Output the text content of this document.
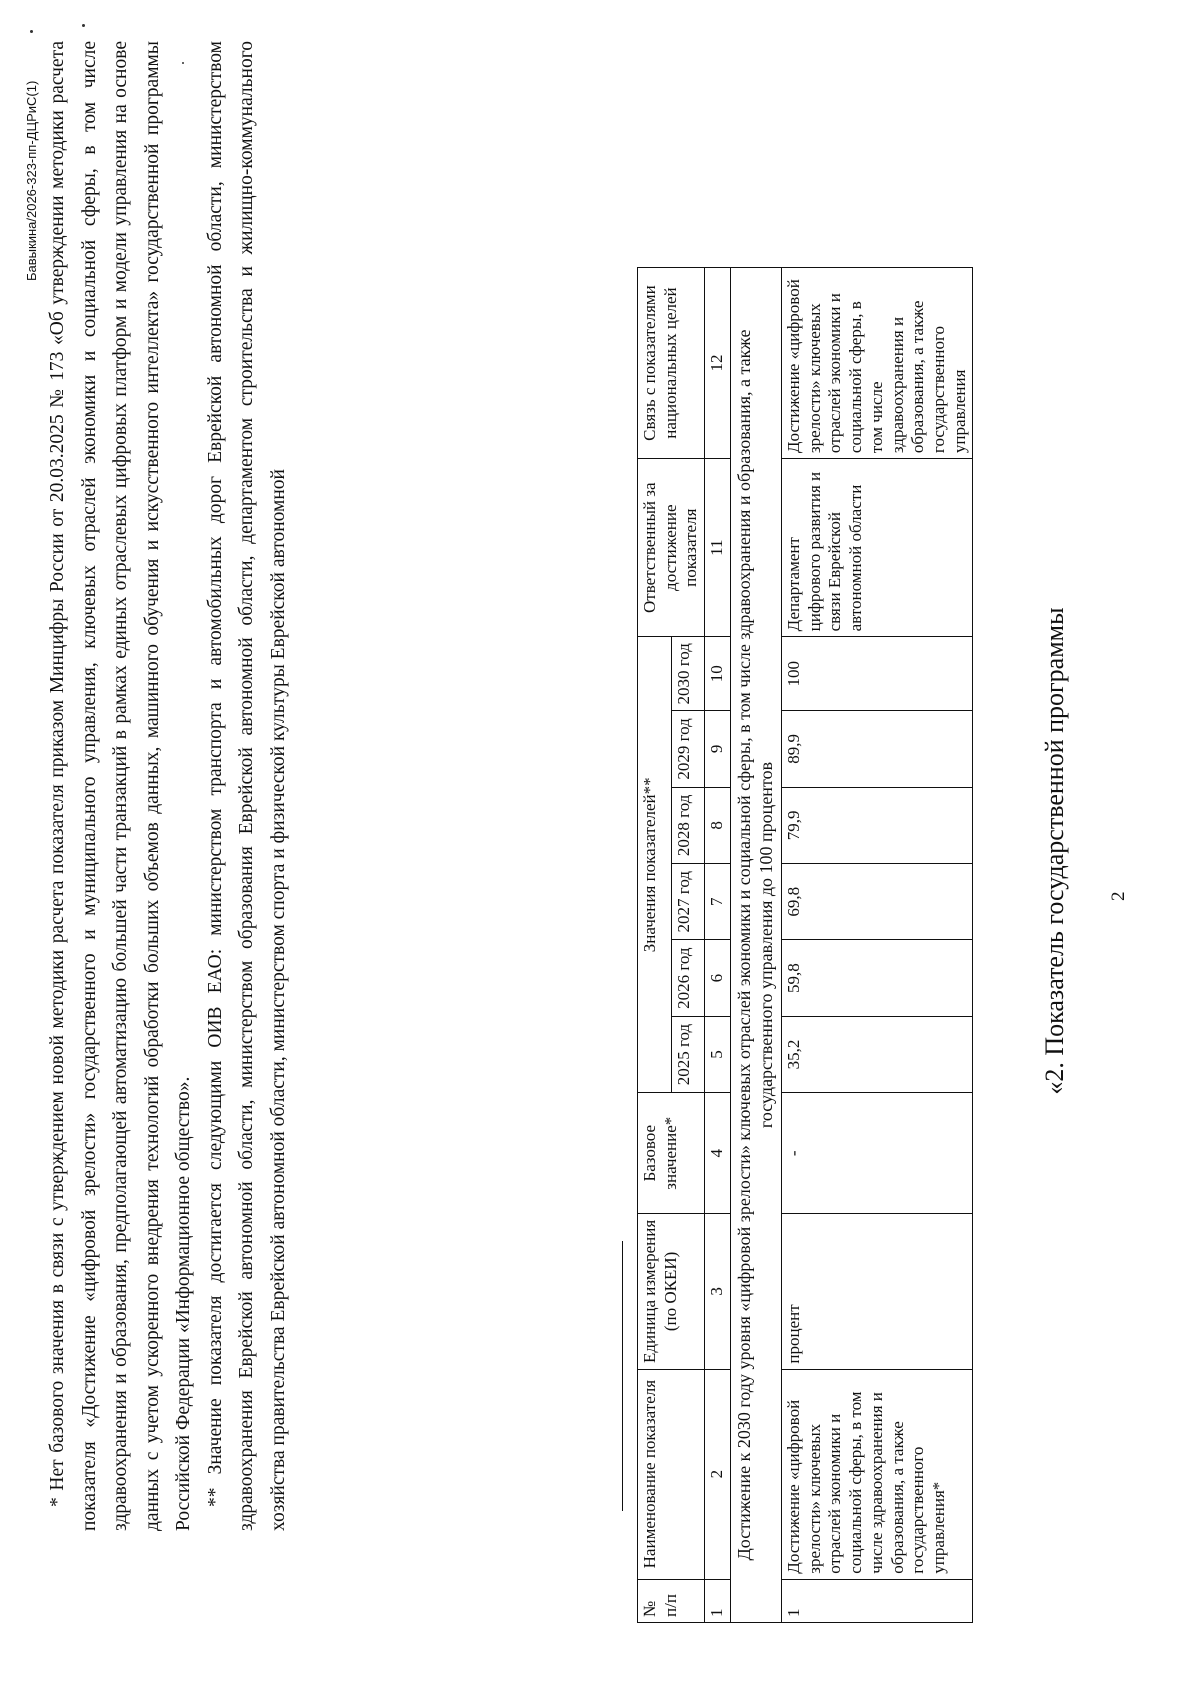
2
«2. Показатель государственной программы
№ п/п	Наименование показателя	Единица измерения (по ОКЕИ)	Базовое значение*	Значения показателей**						Ответственный за достижение показателя	Связь с показателями национальных целей
				2025 год	2026 год	2027 год	2028 год	2029 год	2030 год		
1	2	3	4	5	6	7	8	9	10	11	12
Достижение к 2030 году уровня «цифровой зрелости» ключевых отраслей экономики и социальной сферы, в том числе здравоохранения и образования, а также государственного управления до 100 процентов											
1	Достижение «цифровой зрелости» ключевых отраслей экономики и социальной сферы, в том числе здравоохранения и образования, а также государственного управления*	процент	-	35,2	59,8	69,8	79,9	89,9	100	Департамент цифрового развития и связи Еврейской автономной области	Достижение «цифровой зрелости» ключевых отраслей экономики и социальной сферы, в том числе здравоохранения и образования, а также государственного управления

* Нет базового значения в связи с утверждением новой методики расчета показателя приказом Минцифры России от 20.03.2025 № 173 «Об утверждении методики расчета показателя «Достижение «цифровой зрелости» государственного и муниципального управления, ключевых отраслей экономики и социальной сферы, в том числе здравоохранения и образования, предполагающей автоматизацию большей части транзакций в рамках единых отраслевых цифровых платформ и модели управления на основе данных с учетом ускоренного внедрения технологий обработки больших объемов данных, машинного обучения и искусственного интеллекта» государственной программы Российской Федерации «Информационное общество». ** Значение показателя достигается следующими ОИВ ЕАО: министерством транспорта и автомобильных дорог Еврейской автономной области, министерством здравоохранения Еврейской автономной области, министерством образования Еврейской автономной области, департаментом строительства и жилищно-коммунального хозяйства правительства Еврейской автономной области, министерством спорта и физической культуры Еврейской автономной

Бавыкина/2026-323-пп-ДЦРиС(1)
